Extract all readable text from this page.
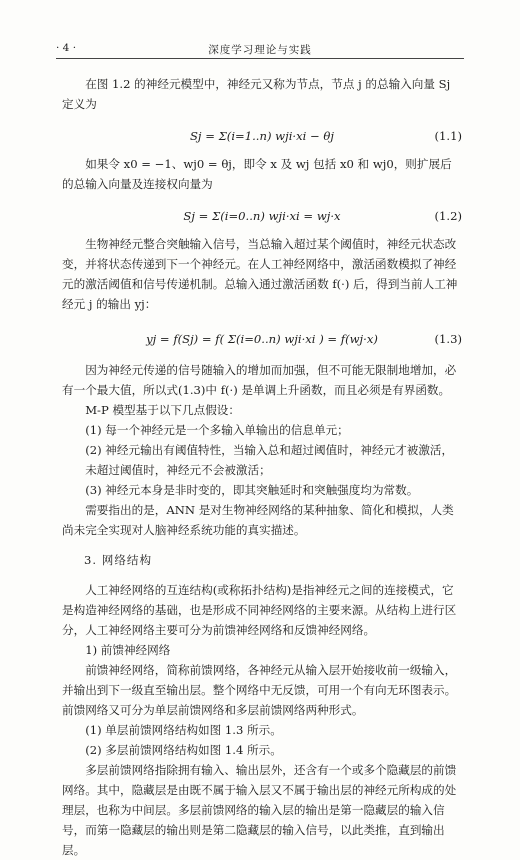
· 4 ·	深度学习理论与实践

在图 1.2 的神经元模型中，神经元又称为节点，节点 j 的总输入向量 Sj 定义为

Sj = Σ(i=1..n) wji·xi − θj	(1.1)

如果令 x0 = −1、wj0 = θj，即令 x 及 wj 包括 x0 和 wj0，则扩展后的总输入向量及连接权向量为

Sj = Σ(i=0..n) wji·xi = wj·x	(1.2)

生物神经元整合突触输入信号，当总输入超过某个阈值时，神经元状态改变，并将状态传递到下一个神经元。在人工神经网络中，激活函数模拟了神经元的激活阈值和信号传递机制。总输入通过激活函数 f(·) 后，得到当前人工神经元 j 的输出 yj：

yj = f(Sj) = f( Σ(i=0..n) wji·xi ) = f(wj·x)	(1.3)

因为神经元传递的信号随输入的增加而加强，但不可能无限制地增加，必有一个最大值，所以式(1.3)中 f(·) 是单调上升函数，而且必须是有界函数。

M-P 模型基于以下几点假设：

(1) 每一个神经元是一个多输入单输出的信息单元；

(2) 神经元输出有阈值特性，当输入总和超过阈值时，神经元才被激活，未超过阈值时，神经元不会被激活；

(3) 神经元本身是非时变的，即其突触延时和突触强度均为常数。

需要指出的是，ANN 是对生物神经网络的某种抽象、简化和模拟，人类尚未完全实现对人脑神经系统功能的真实描述。

3. 网络结构

人工神经网络的互连结构(或称拓扑结构)是指神经元之间的连接模式，它是构造神经网络的基础，也是形成不同神经网络的主要来源。从结构上进行区分，人工神经网络主要可分为前馈神经网络和反馈神经网络。

1) 前馈神经网络

前馈神经网络，简称前馈网络，各神经元从输入层开始接收前一级输入，并输出到下一级直至输出层。整个网络中无反馈，可用一个有向无环图表示。前馈网络又可分为单层前馈网络和多层前馈网络两种形式。

(1) 单层前馈网络结构如图 1.3 所示。

(2) 多层前馈网络结构如图 1.4 所示。

多层前馈网络指除拥有输入、输出层外，还含有一个或多个隐藏层的前馈网络。其中，隐藏层是由既不属于输入层又不属于输出层的神经元所构成的处理层，也称为中间层。多层前馈网络的输入层的输出是第一隐藏层的输入信号，而第一隐藏层的输出则是第二隐藏层的输入信号，以此类推，直到输出层。
